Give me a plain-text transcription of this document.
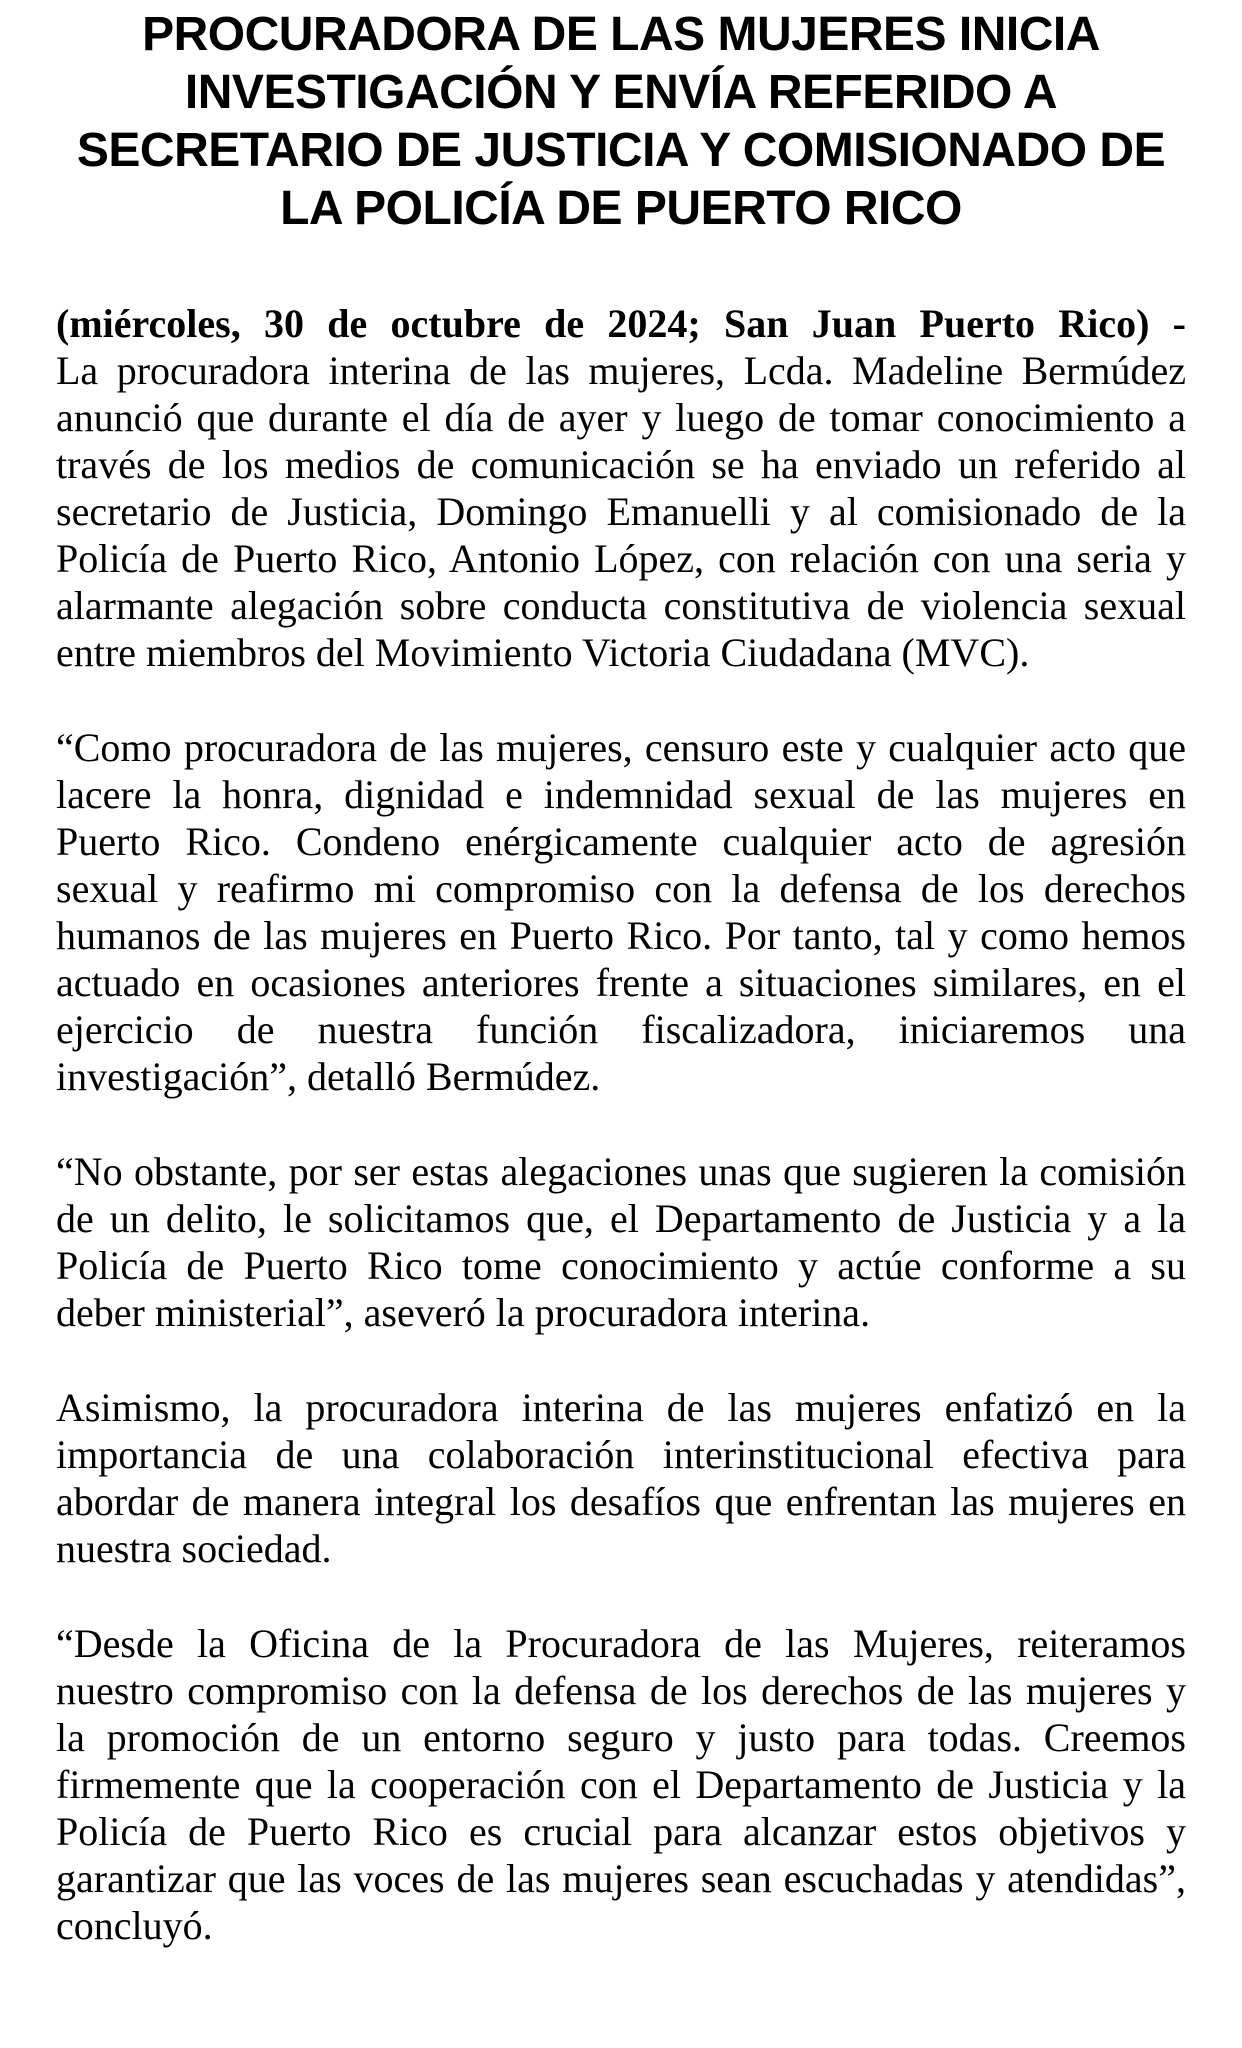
PROCURADORA DE LAS MUJERES INICIA
INVESTIGACIÓN Y ENVÍA REFERIDO A
SECRETARIO DE JUSTICIA Y COMISIONADO DE
LA POLICÍA DE PUERTO RICO

(miércoles, 30 de octubre de 2024; San Juan Puerto Rico) -

La procuradora interina de las mujeres, Lcda. Madeline Bermúdez anunció que durante el día de ayer y luego de tomar conocimiento a través de los medios de comunicación se ha enviado un referido al secretario de Justicia, Domingo Emanuelli y al comisionado de la Policía de Puerto Rico, Antonio López, con relación con una seria y alarmante alegación sobre conducta constitutiva de violencia sexual entre miembros del Movimiento Victoria Ciudadana (MVC).

“Como procuradora de las mujeres, censuro este y cualquier acto que lacere la honra, dignidad e indemnidad sexual de las mujeres en Puerto Rico. Condeno enérgicamente cualquier acto de agresión sexual y reafirmo mi compromiso con la defensa de los derechos humanos de las mujeres en Puerto Rico. Por tanto, tal y como hemos actuado en ocasiones anteriores frente a situaciones similares, en el ejercicio de nuestra función fiscalizadora, iniciaremos una investigación”, detalló Bermúdez.

“No obstante, por ser estas alegaciones unas que sugieren la comisión de un delito, le solicitamos que, el Departamento de Justicia y a la Policía de Puerto Rico tome conocimiento y actúe conforme a su deber ministerial”, aseveró la procuradora interina.

Asimismo, la procuradora interina de las mujeres enfatizó en la importancia de una colaboración interinstitucional efectiva para abordar de manera integral los desafíos que enfrentan las mujeres en nuestra sociedad.

“Desde la Oficina de la Procuradora de las Mujeres, reiteramos nuestro compromiso con la defensa de los derechos de las mujeres y la promoción de un entorno seguro y justo para todas. Creemos firmemente que la cooperación con el Departamento de Justicia y la Policía de Puerto Rico es crucial para alcanzar estos objetivos y garantizar que las voces de las mujeres sean escuchadas y atendidas”, concluyó.
